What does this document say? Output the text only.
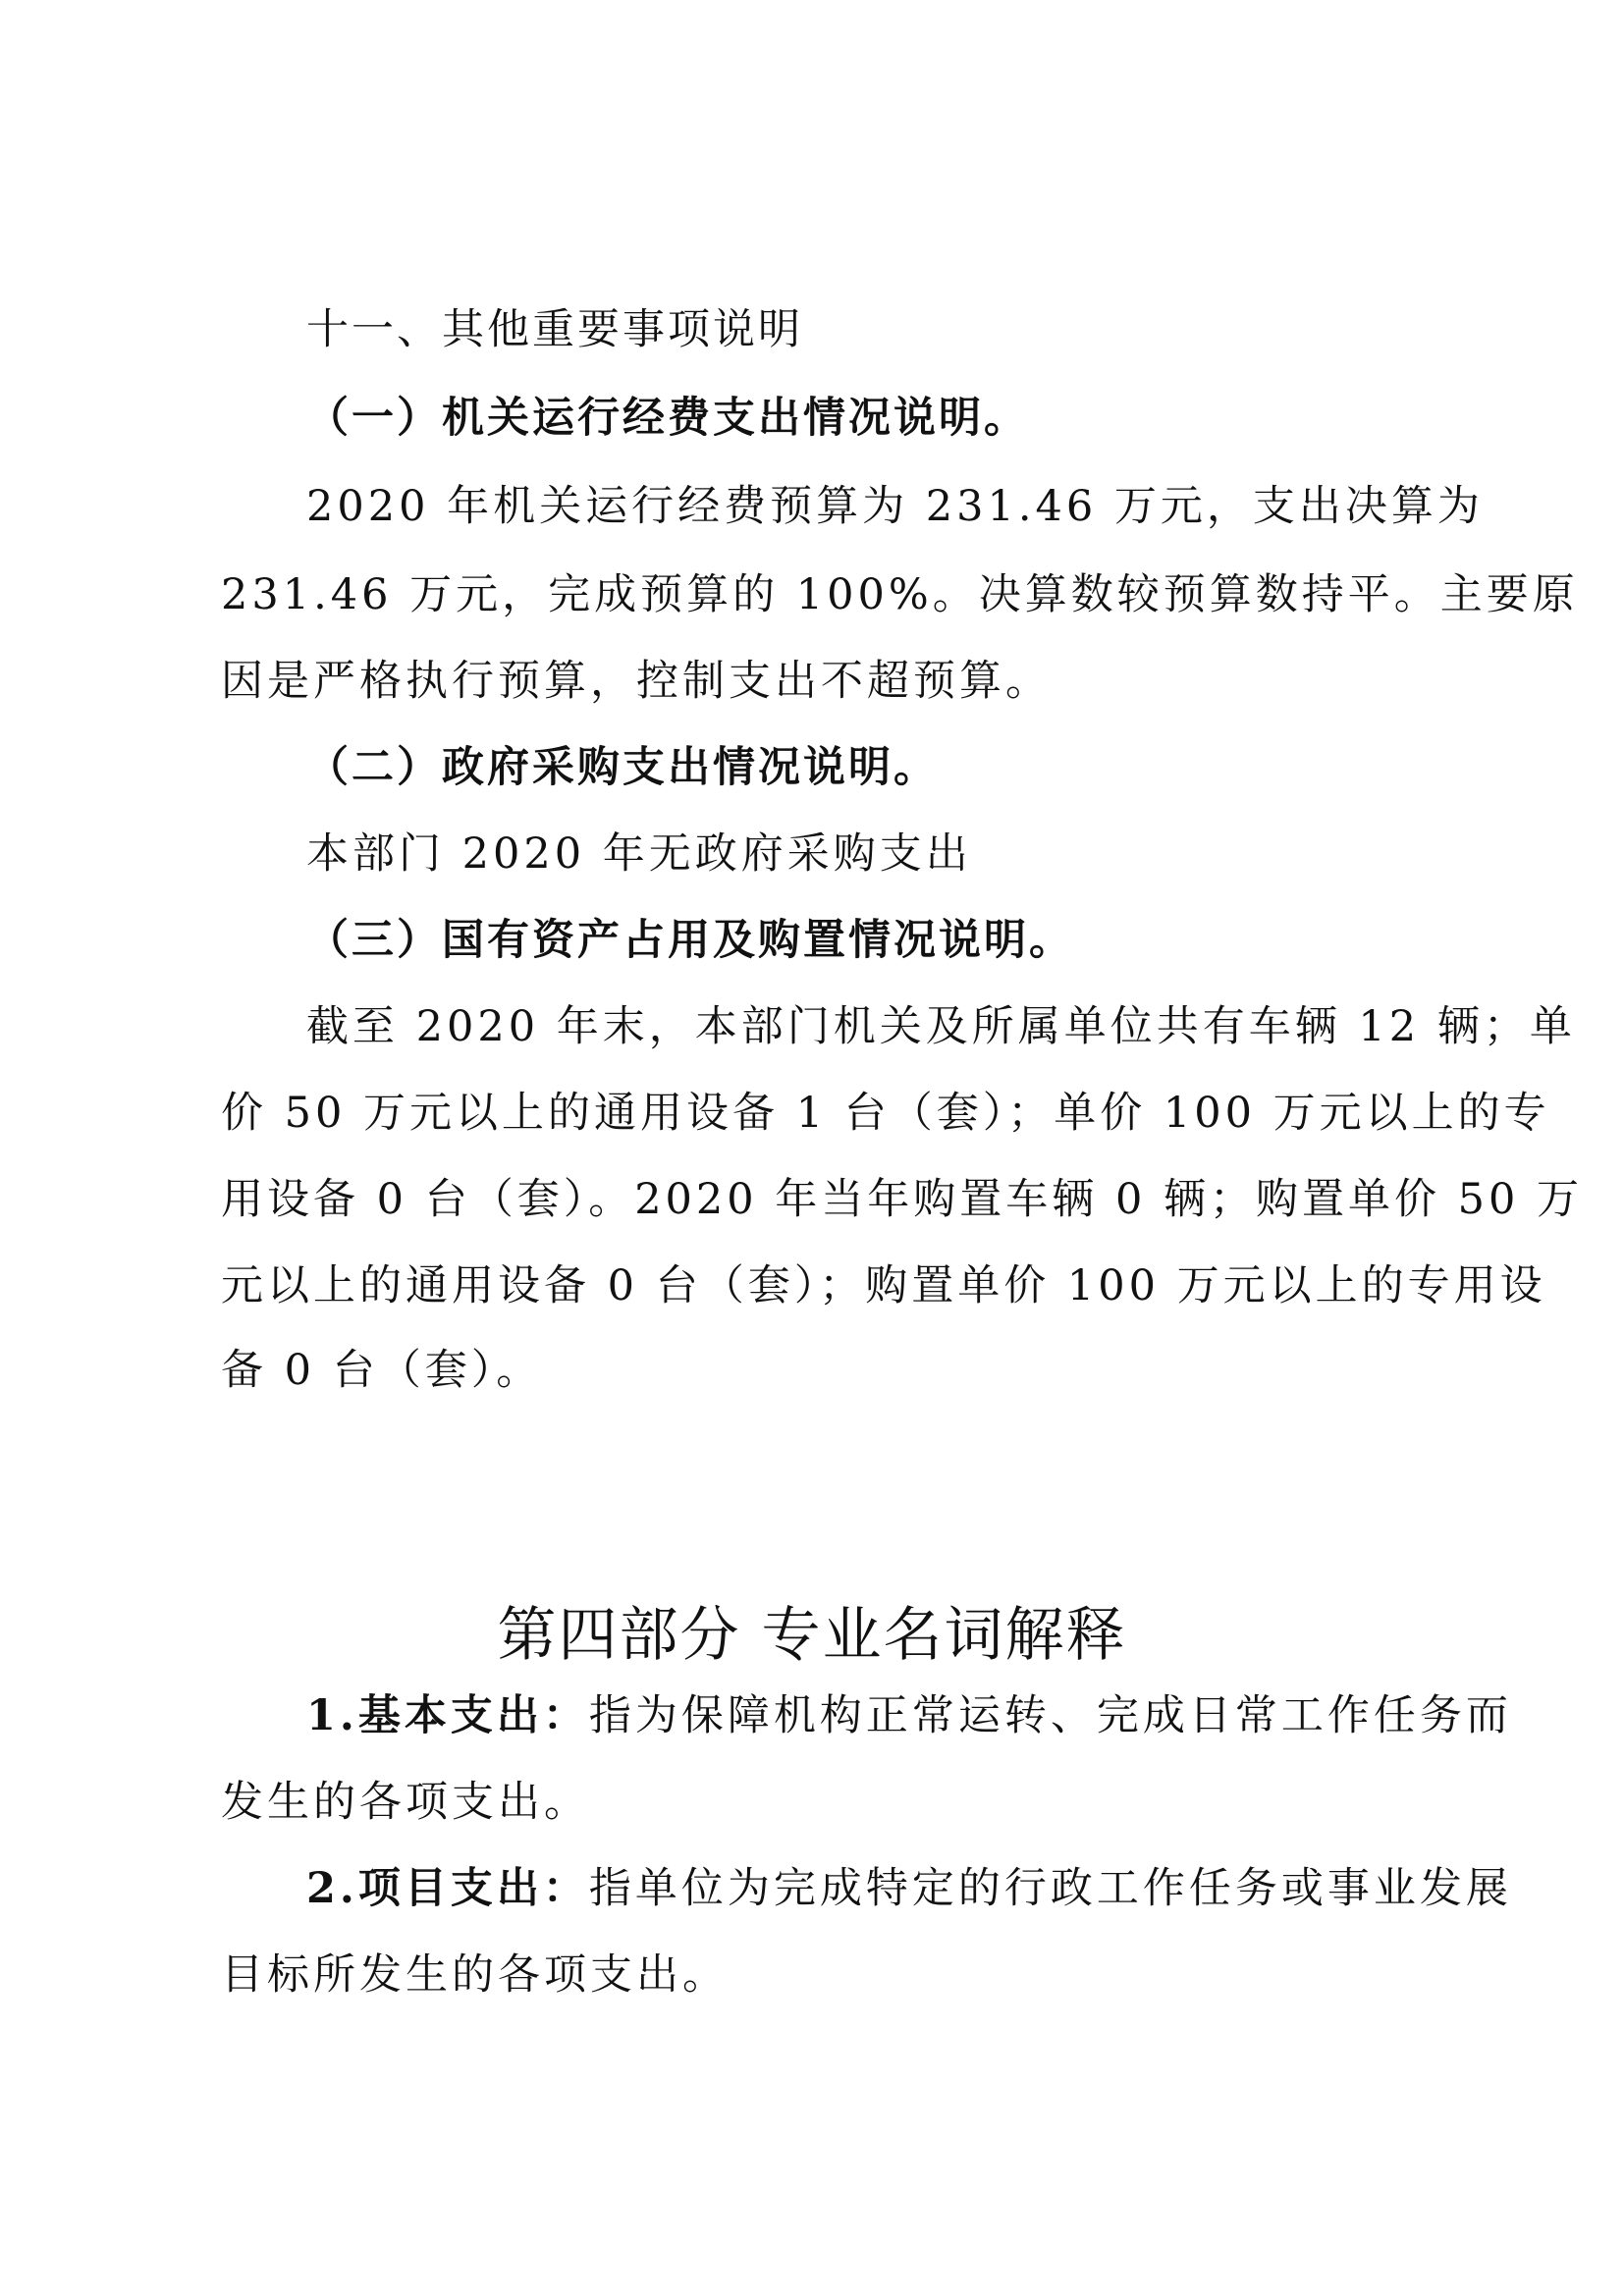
十一、其他重要事项说明
（一）机关运行经费支出情况说明。
2020 年机关运行经费预算为 231.46 万元，支出决算为
231.46 万元，完成预算的 100%。决算数较预算数持平。主要原
因是严格执行预算，控制支出不超预算。
（二）政府采购支出情况说明。
本部门 2020 年无政府采购支出
（三）国有资产占用及购置情况说明。
截至 2020 年末，本部门机关及所属单位共有车辆 12 辆；单
价 50 万元以上的通用设备 1 台（套）；单价 100 万元以上的专
用设备 0 台（套）。2020 年当年购置车辆 0 辆；购置单价 50 万
元以上的通用设备 0 台（套）；购置单价 100 万元以上的专用设
备 0 台（套）。
第四部分 专业名词解释
1.基本支出：指为保障机构正常运转、完成日常工作任务而
发生的各项支出。
2.项目支出：指单位为完成特定的行政工作任务或事业发展
目标所发生的各项支出。
